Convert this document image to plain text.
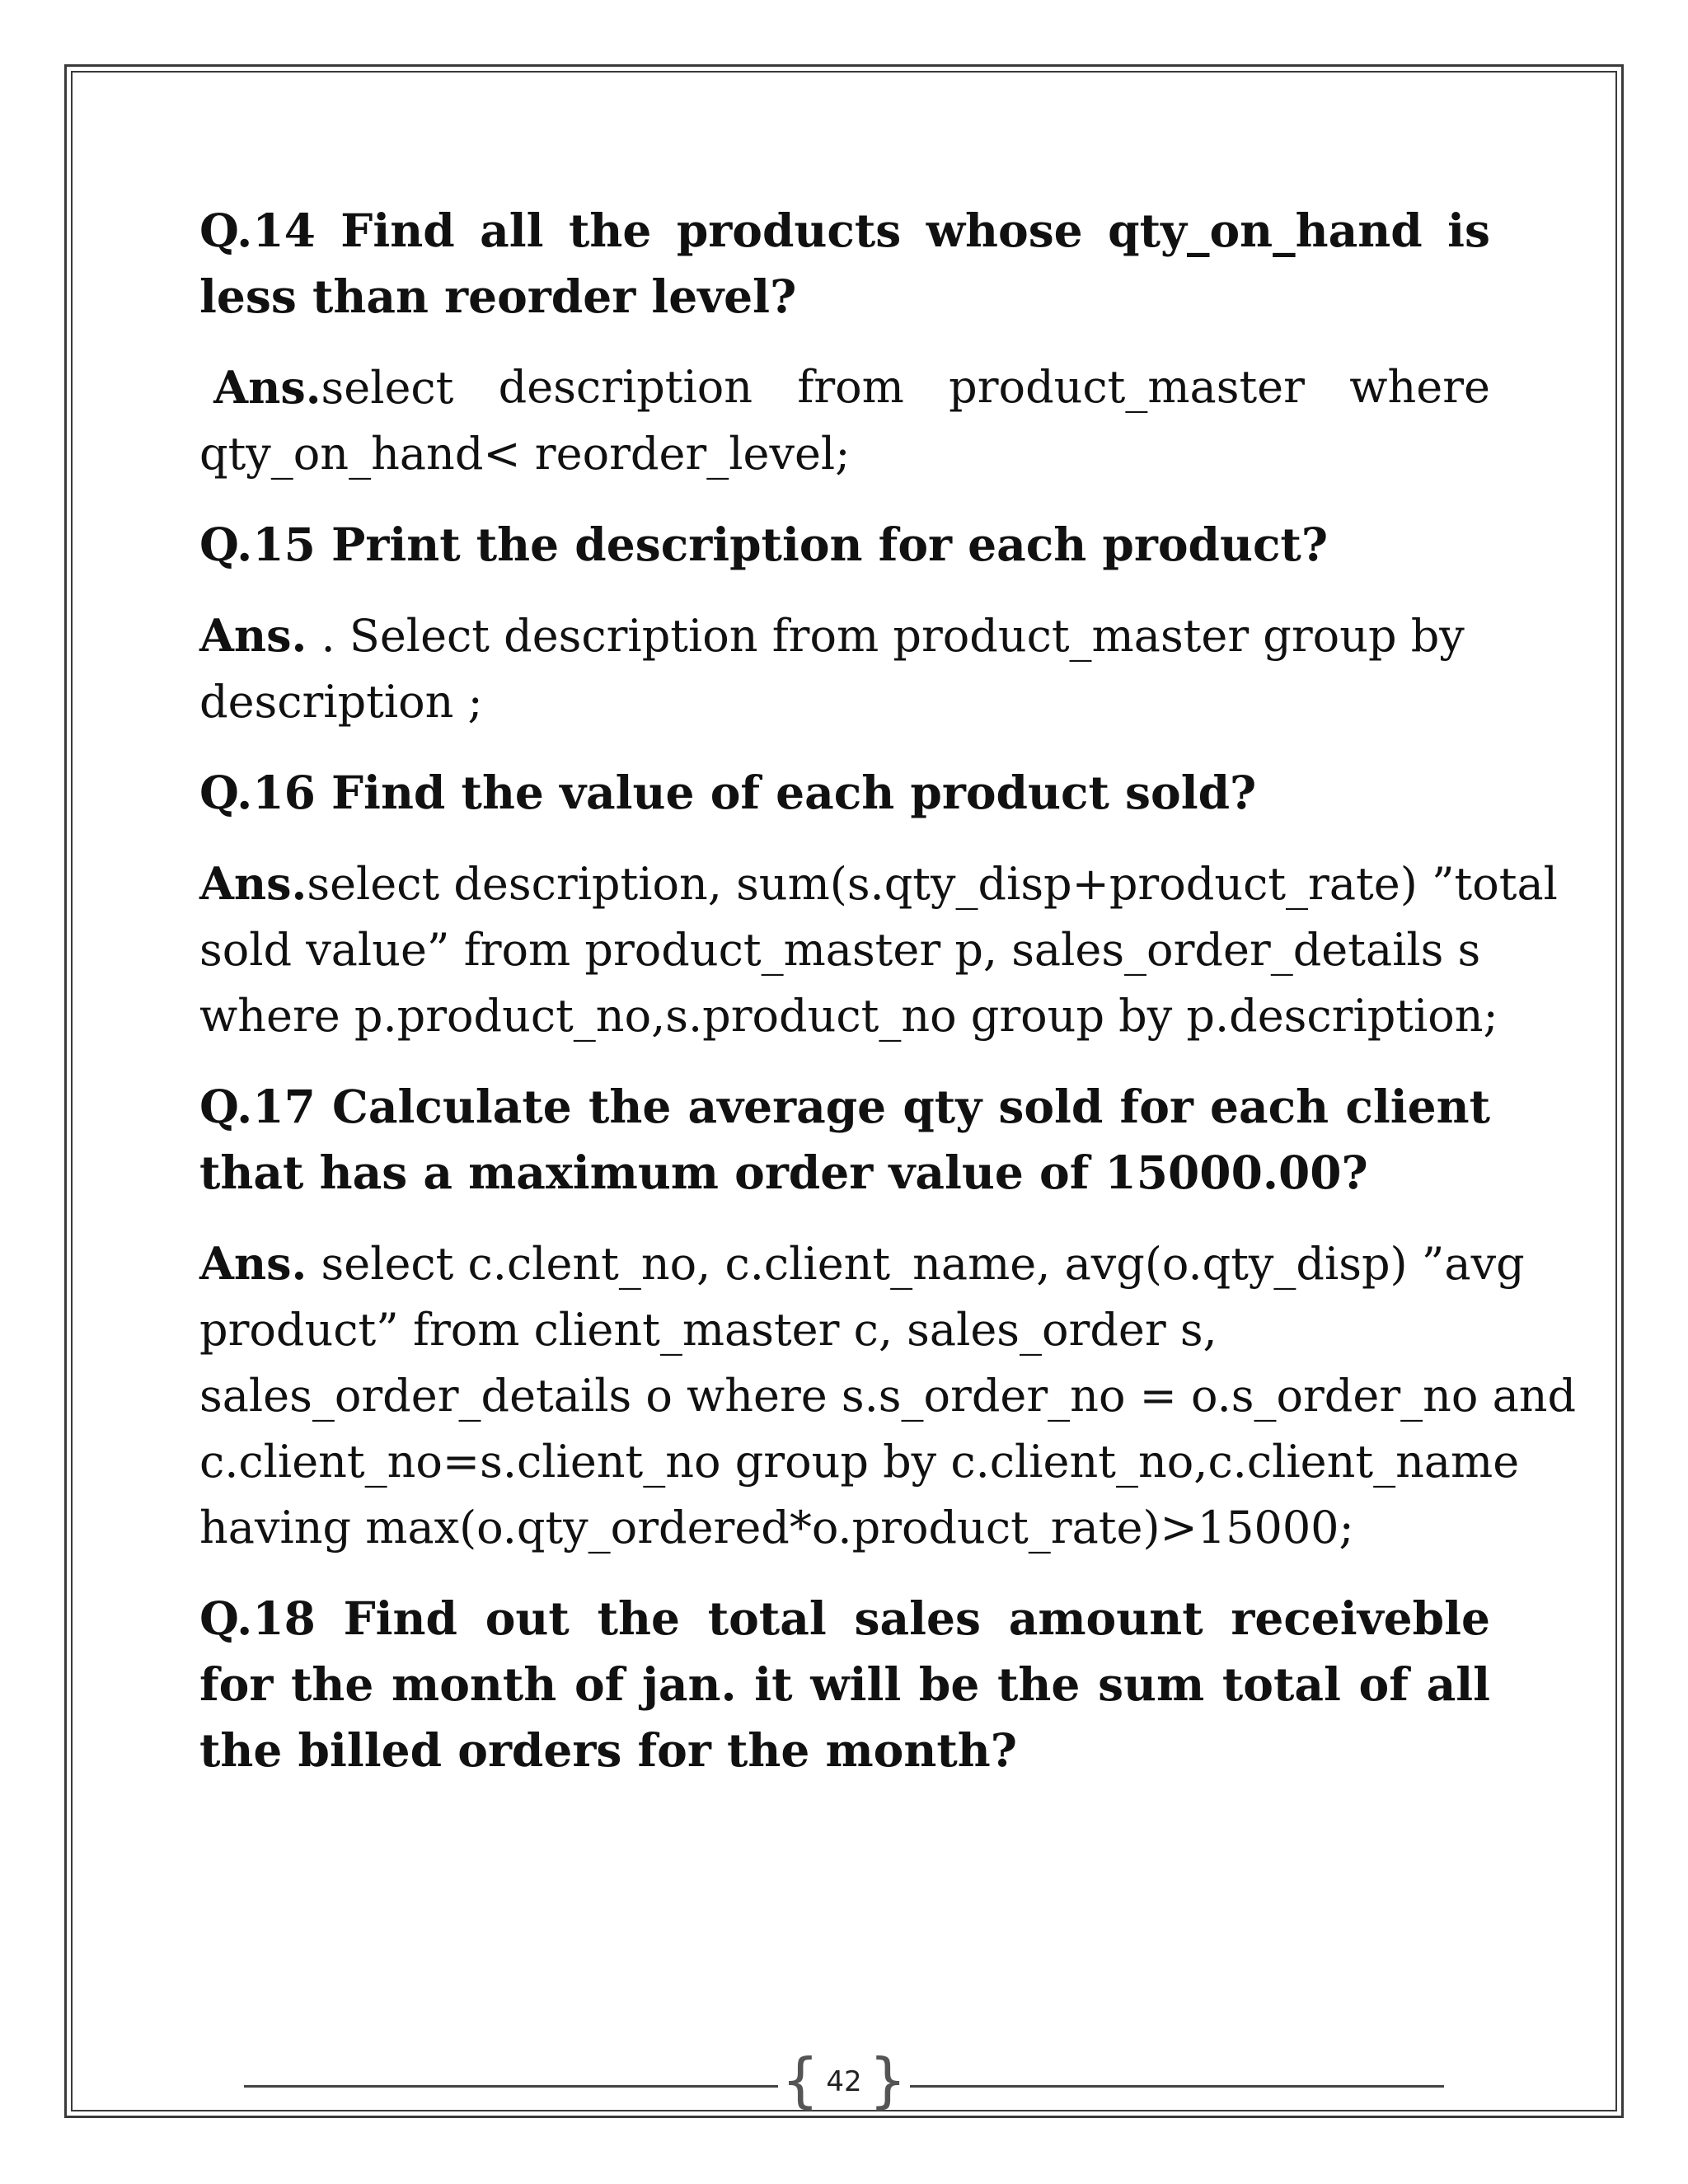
Q.14 Find all the products whose qty_on_hand is less than reorder level?
Ans.select description from product_master where
qty_on_hand< reorder_level;
Q.15 Print the description for each product?
Ans. . Select description from product_master group by
description ;
Q.16 Find the value of each product sold?
Ans.select description, sum(s.qty_disp+product_rate) ”total
sold value” from product_master p, sales_order_details s
where p.product_no,s.product_no group by p.description;
Q.17 Calculate the average qty sold for each client that has a maximum order value of 15000.00?
Ans. select c.clent_no, c.client_name, avg(o.qty_disp) ”avg
product” from client_master c, sales_order s,
sales_order_details o where s.s_order_no = o.s_order_no and
c.client_no=s.client_no group by c.client_no,c.client_name
having max(o.qty_ordered*o.product_rate)>15000;
Q.18 Find out the total sales amount receiveble for the month of jan. it will be the sum total of all the billed orders for the month?
{ }
42
